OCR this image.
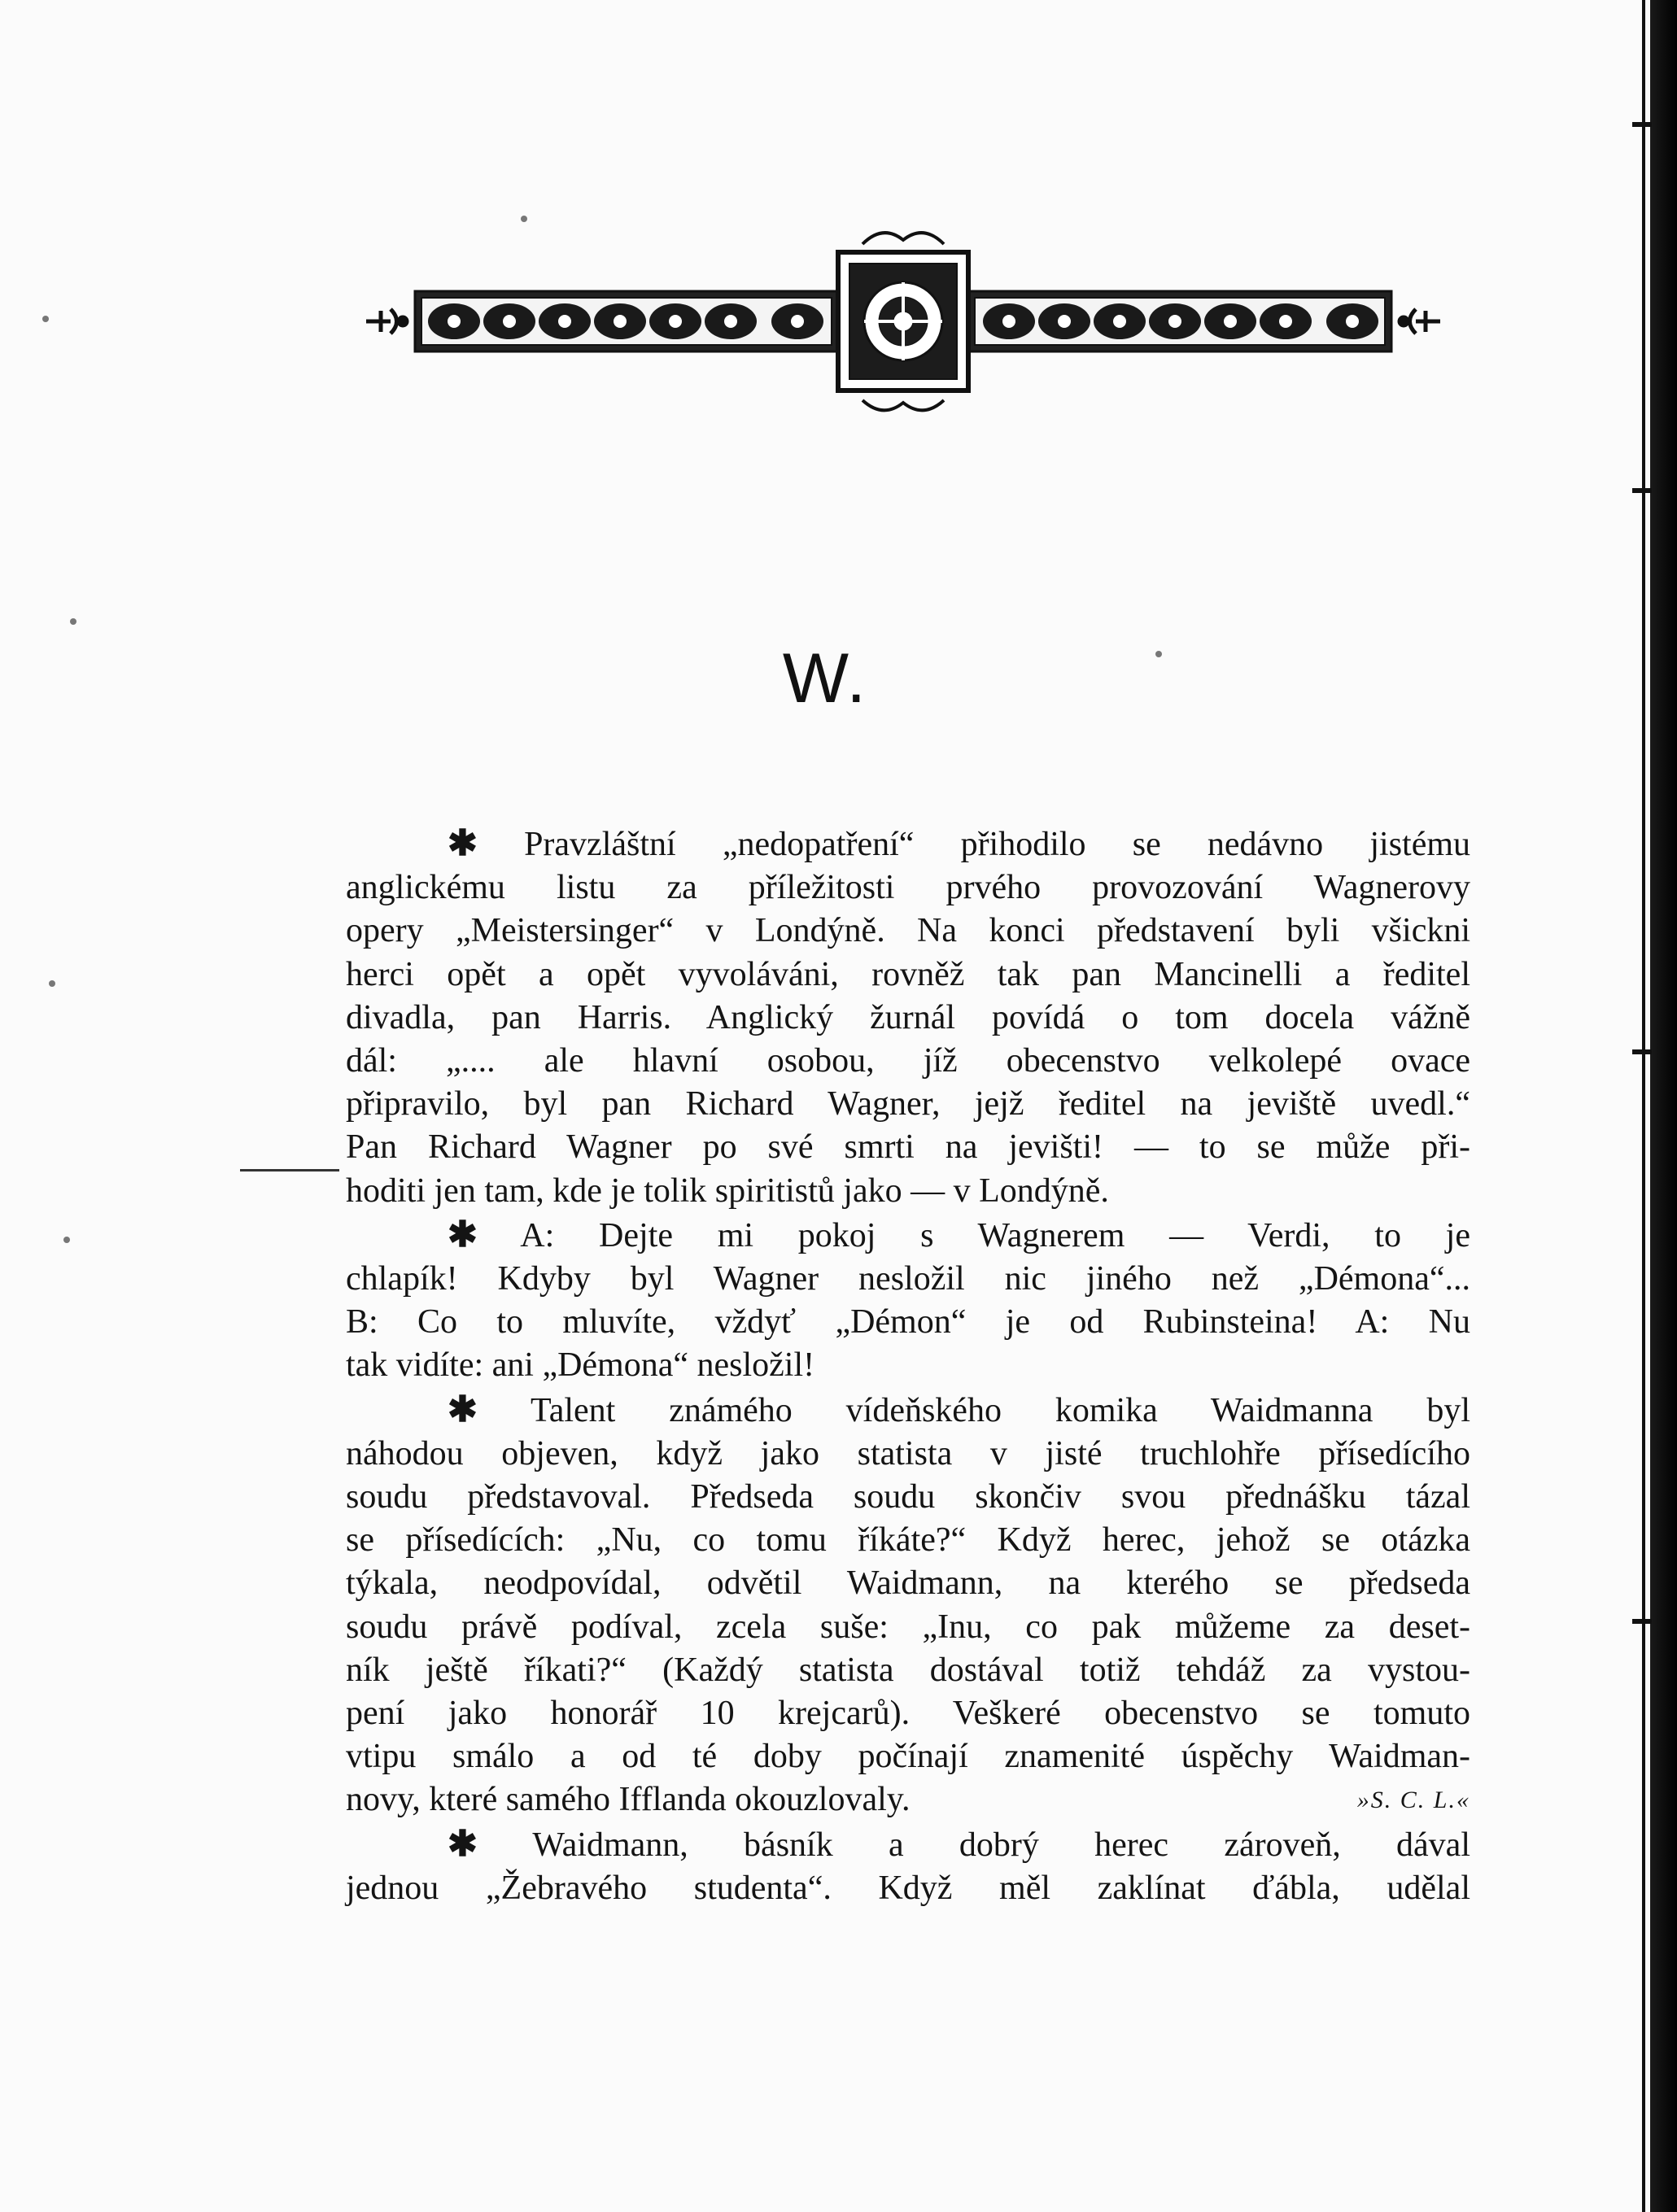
W.

✱ Pravzláštní „nedopatření“ přihodilo se nedávno jistému
anglickému listu za příležitosti prvého provozování Wagnerovy
opery „Meistersinger“ v Londýně. Na konci představení byli všickni
herci opět a opět vyvoláváni, rovněž tak pan Mancinelli a ředitel
divadla, pan Harris. Anglický žurnál povídá o tom docela vážně
dál: „.... ale hlavní osobou, jíž obecenstvo velkolepé ovace
připravilo, byl pan Richard Wagner, jejž ředitel na jeviště uvedl.“
Pan Richard Wagner po své smrti na jevišti! — to se může při-
hoditi jen tam, kde je tolik spiritistů jako — v Londýně.

✱ A: Dejte mi pokoj s Wagnerem — Verdi, to je
chlapík! Kdyby byl Wagner nesložil nic jiného než „Démona“...
B: Co to mluvíte, vždyť „Démon“ je od Rubinsteina! A: Nu
tak vidíte: ani „Démona“ nesložil!

✱ Talent známého vídeňského komika Waidmanna byl
náhodou objeven, když jako statista v jisté truchlohře přísedícího
soudu představoval. Předseda soudu skončiv svou přednášku tázal
se přísedících: „Nu, co tomu říkáte?“ Když herec, jehož se otázka
týkala, neodpovídal, odvětil Waidmann, na kterého se předseda
soudu právě podíval, zcela suše: „Inu, co pak můžeme za deset-
ník ještě říkati?“ (Každý statista dostával totiž tehdáž za vystou-
pení jako honorář 10 krejcarů). Veškeré obecenstvo se tomuto
vtipu smálo a od té doby počínají znamenité úspěchy Waidman-
novy, které samého Ifflanda okouzlovaly.	»S. C. L.«

✱ Waidmann, básník a dobrý herec zároveň, dával
jednou „Žebravého studenta“. Když měl zaklínat ďábla, udělal
